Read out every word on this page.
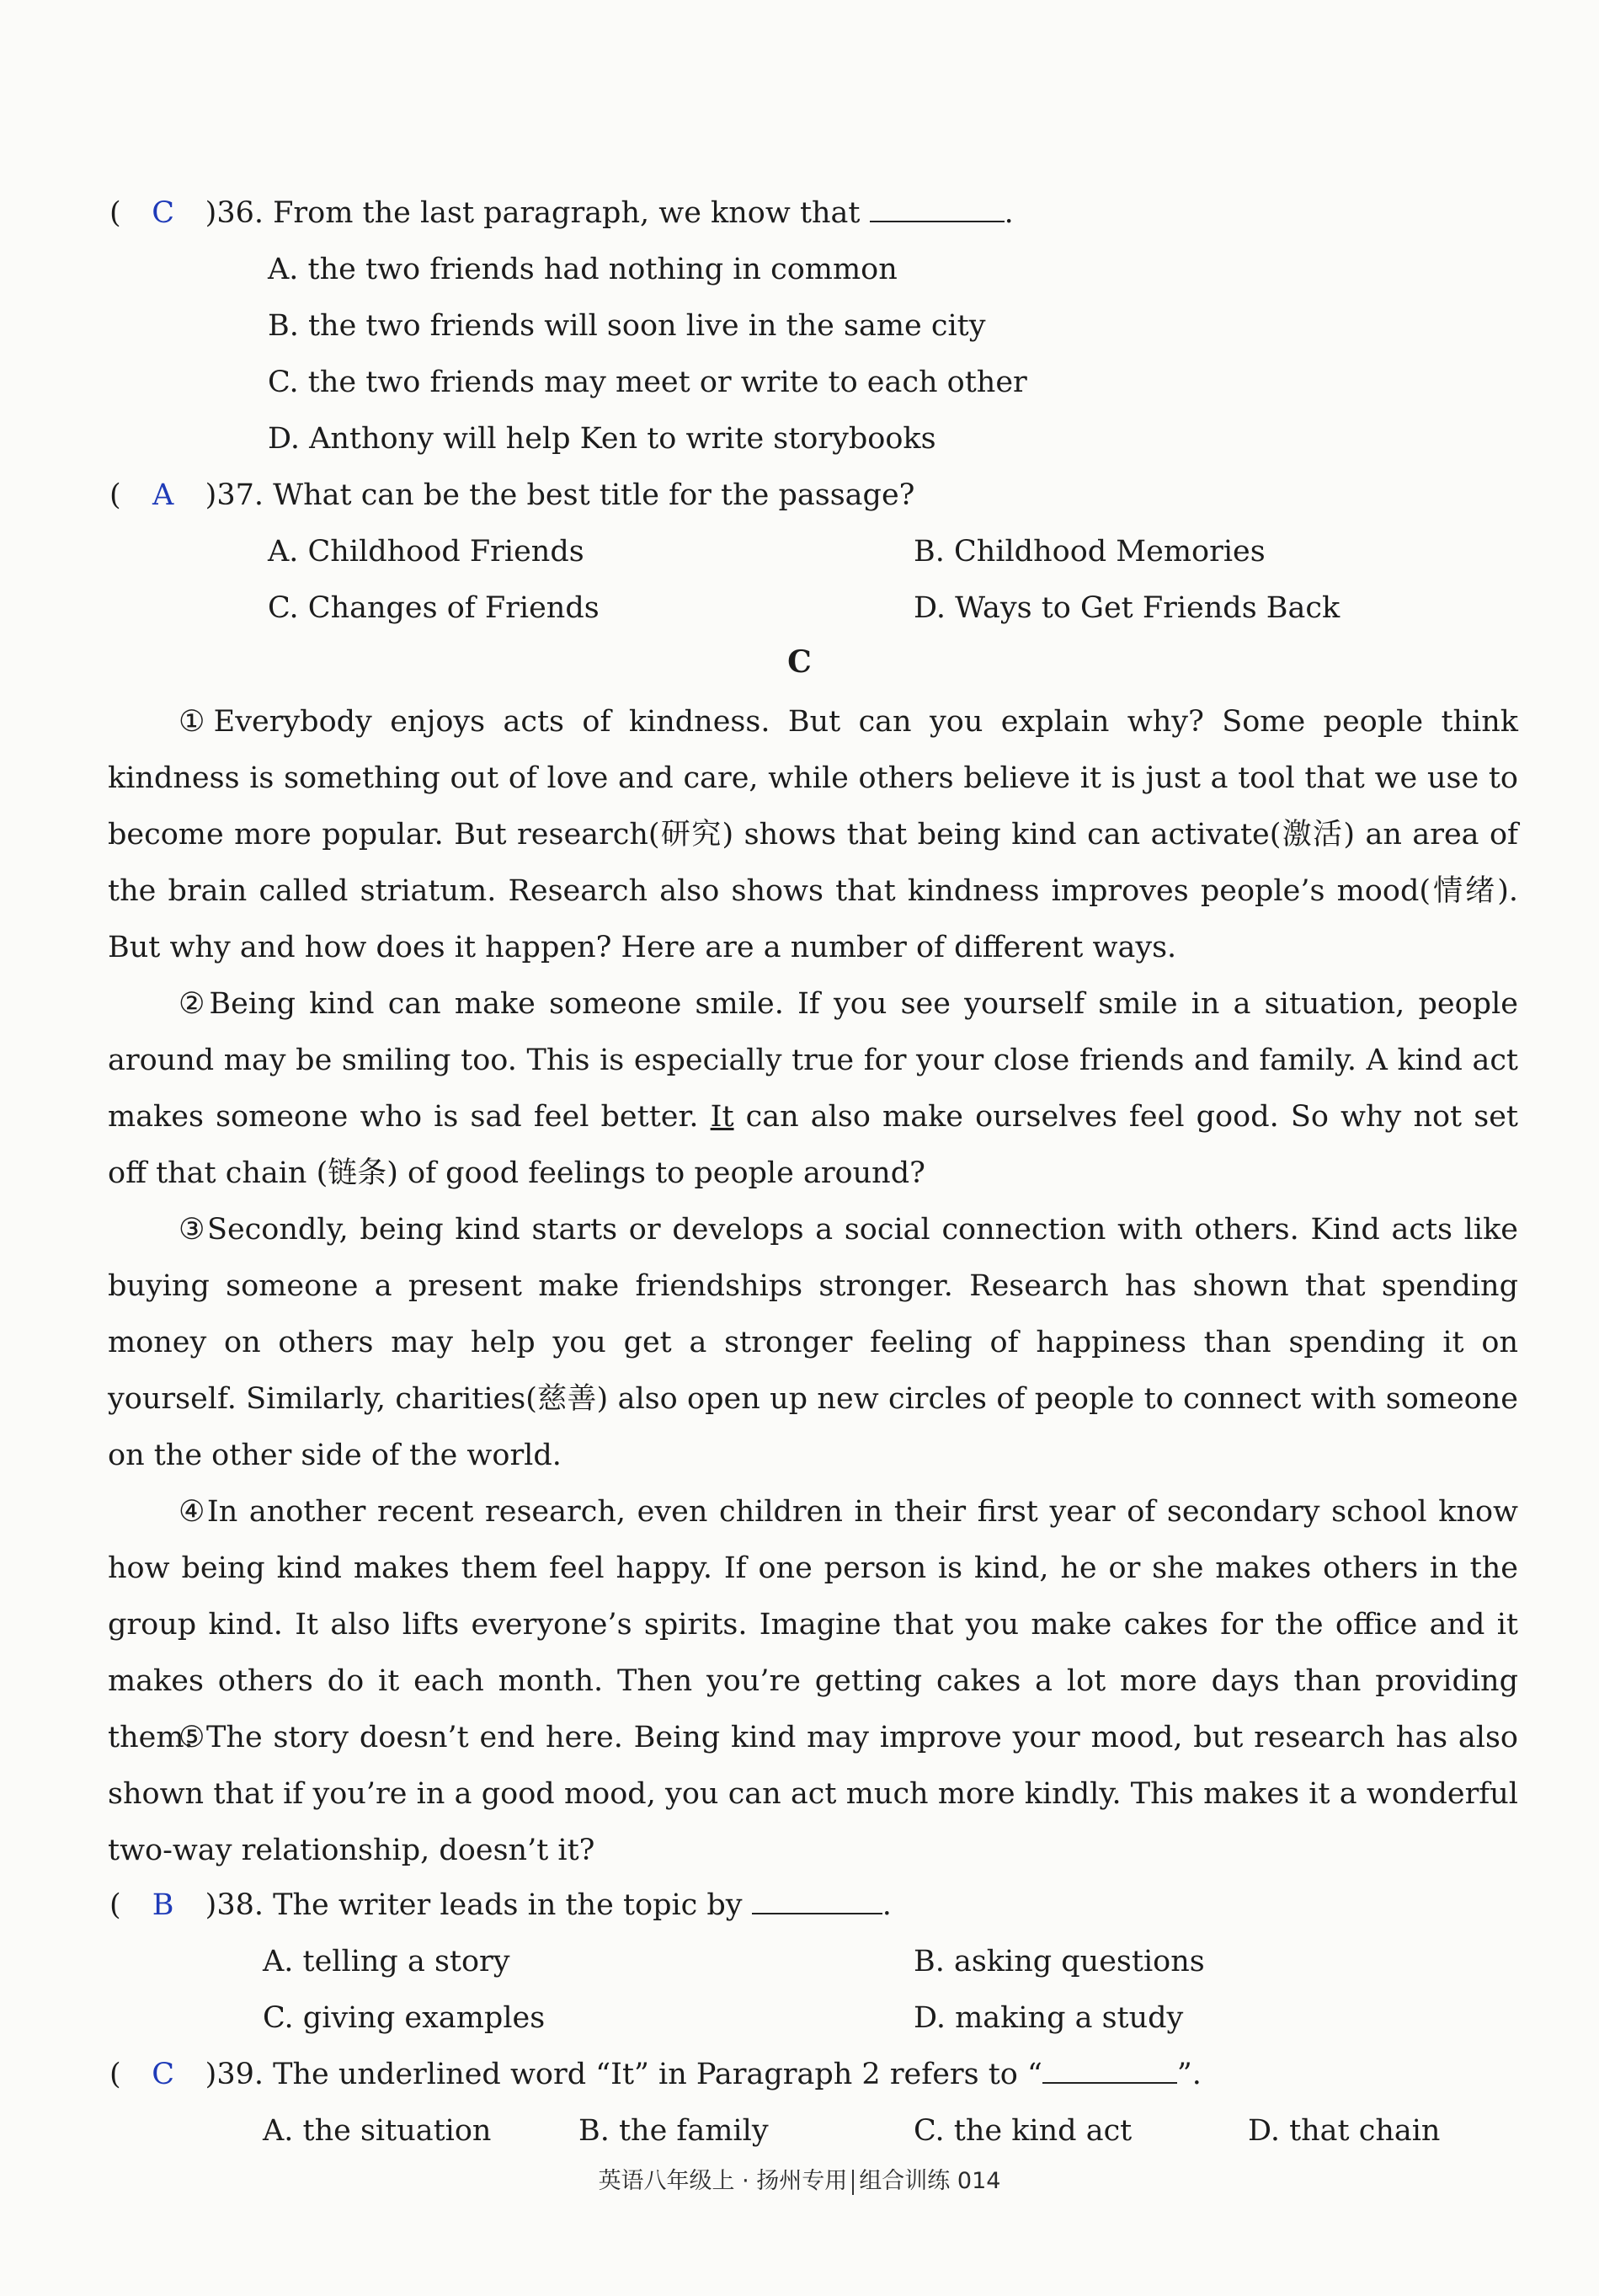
( C )36. From the last paragraph, we know that	.
A. the two friends had nothing in common
B. the two friends will soon live in the same city
C. the two friends may meet or write to each other
D. Anthony will help Ken to write storybooks
( A )37. What can be the best title for the passage?
A. Childhood Friends	B. Childhood Memories
C. Changes of Friends	D. Ways to Get Friends Back
C
①Everybody enjoys acts of kindness. But can you explain why? Some people think kindness is something out of love and care, while others believe it is just a tool that we use to become more popular. But research(研究) shows that being kind can activate(激活) an area of the brain called striatum. Research also shows that kindness improves people’s mood(情绪). But why and how does it happen? Here are a number of different ways.
②Being kind can make someone smile. If you see yourself smile in a situation, people around may be smiling too. This is especially true for your close friends and family. A kind act makes someone who is sad feel better. It can also make ourselves feel good. So why not set off that chain (链条) of good feelings to people around?
③Secondly, being kind starts or develops a social connection with others. Kind acts like buying someone a present make friendships stronger. Research has shown that spending money on others may help you get a stronger feeling of happiness than spending it on yourself. Similarly, charities(慈善) also open up new circles of people to connect with someone on the other side of the world.
④In another recent research, even children in their first year of secondary school know how being kind makes them feel happy. If one person is kind, he or she makes others in the group kind. It also lifts everyone’s spirits. Imagine that you make cakes for the office and it makes others do it each month. Then you’re getting cakes a lot more days than providing them.
⑤The story doesn’t end here. Being kind may improve your mood, but research has also shown that if you’re in a good mood, you can act much more kindly. This makes it a wonderful two-way relationship, doesn’t it?
( B )38. The writer leads in the topic by	.
A. telling a story	B. asking questions
C. giving examples	D. making a study
( C )39. The underlined word “It” in Paragraph 2 refers to “	”.
A. the situation	B. the family	C. the kind act	D. that chain
英语八年级上 · 扬州专用 组合训练 014
